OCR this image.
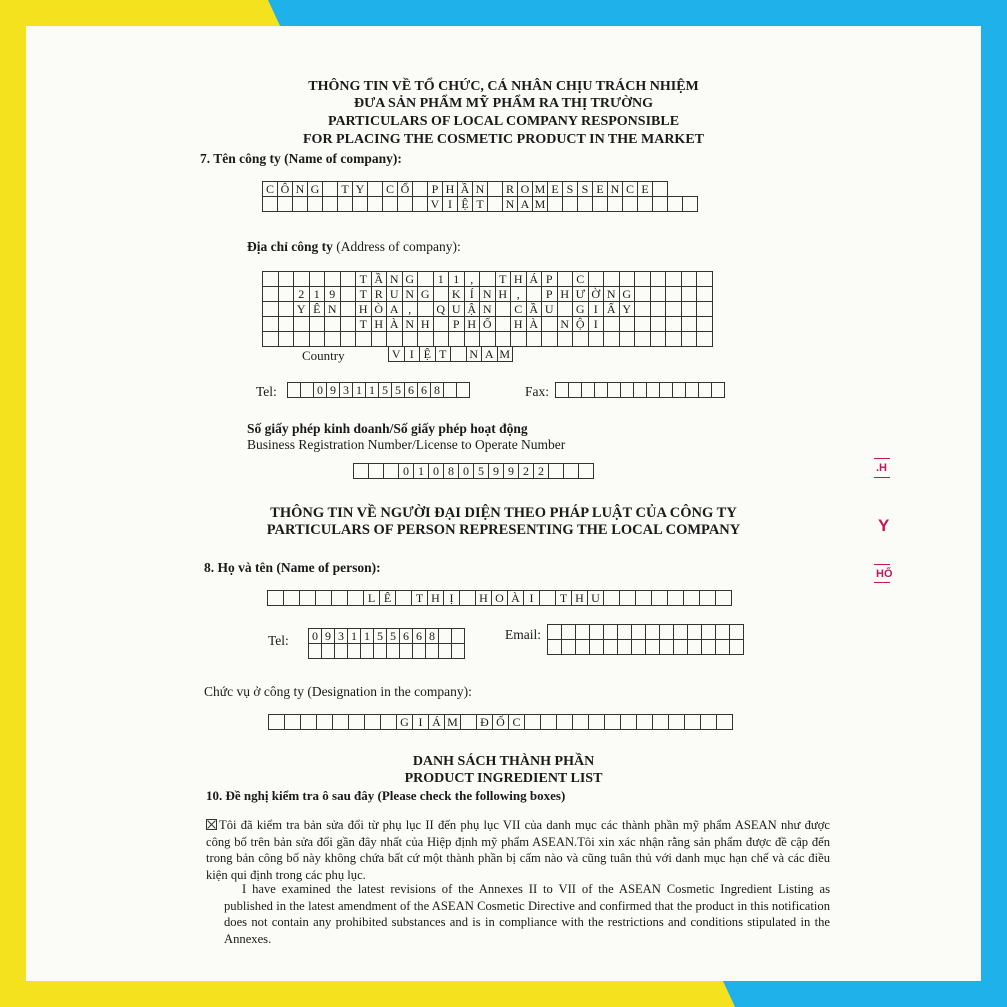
THÔNG TIN VỀ TỔ CHỨC, CÁ NHÂN CHỊU TRÁCH NHIỆM
ĐƯA SẢN PHẨM MỸ PHẨM RA THỊ TRƯỜNG
PARTICULARS OF LOCAL COMPANY RESPONSIBLE
FOR PLACING THE COSMETIC PRODUCT IN THE MARKET
7. Tên công ty (Name of company):
C	Ô	N	G		T	Y		C	Ổ		P	H	Ầ	N		R	O	M	E	S	S	E	N	C	E			
											V	I	Ệ	T		N	A	M										
Địa chỉ công ty (Address of company):
						T	Ầ	N	G		1	1	,		T	H	Á	P		C								
		2	1	9		T	R	U	N	G		K	Í	N	H	,		P	H	Ư	Ờ	N	G					
		Y	Ê	N		H	Ò	A	,		Q	U	Ậ	N		C	Ầ	U		G	I	Ấ	Y					
						T	H	À	N	H		P	H	Ố		H	À		N	Ộ	I							

Country	V	I	Ệ	T		N	A	M
Tel:
			0	9	3	1	1	5	5	6	6	8			Fax:

Số giấy phép kinh doanh/Số giấy phép hoạt động
Business Registration Number/License to Operate Number
			0	1	0	8	0	5	9	9	2	2			
THÔNG TIN VỀ NGƯỜI ĐẠI DIỆN THEO PHÁP LUẬT CỦA CÔNG TY
PARTICULARS OF PERSON REPRESENTING THE LOCAL COMPANY
8. Họ và tên (Name of person):
						L	Ê		T	H	Ị		H	O	À	I		T	H	U								
Tel: 0	9	3	1	1	5	5	6	6	8		
												Email:

Chức vụ ở công ty (Designation in the company):
								G	I	Á	M		Đ	Ố	C													
DANH SÁCH THÀNH PHẦN
PRODUCT INGREDIENT LIST
10. Đề nghị kiểm tra ô sau đây (Please check the following boxes)
Tôi đã kiểm tra bản sửa đổi từ phụ lục II đến phụ lục VII của danh mục các thành phần mỹ phẩm ASEAN như được công bố trên bản sửa đổi gần đây nhất của Hiệp định mỹ phẩm ASEAN.Tôi xin xác nhận rằng sản phẩm được đề cập đến trong bản công bố này không chứa bất cứ một thành phần bị cấm nào và cũng tuân thủ với danh mục hạn chế và các điều kiện qui định trong các phụ lục.
I have examined the latest revisions of the Annexes II to VII of the ASEAN Cosmetic Ingredient Listing as published in the latest amendment of the ASEAN Cosmetic Directive and confirmed that the product in this notification does not contain any prohibited substances and is in compliance with the restrictions and conditions stipulated in the Annexes.
.H
Y
HỐ
